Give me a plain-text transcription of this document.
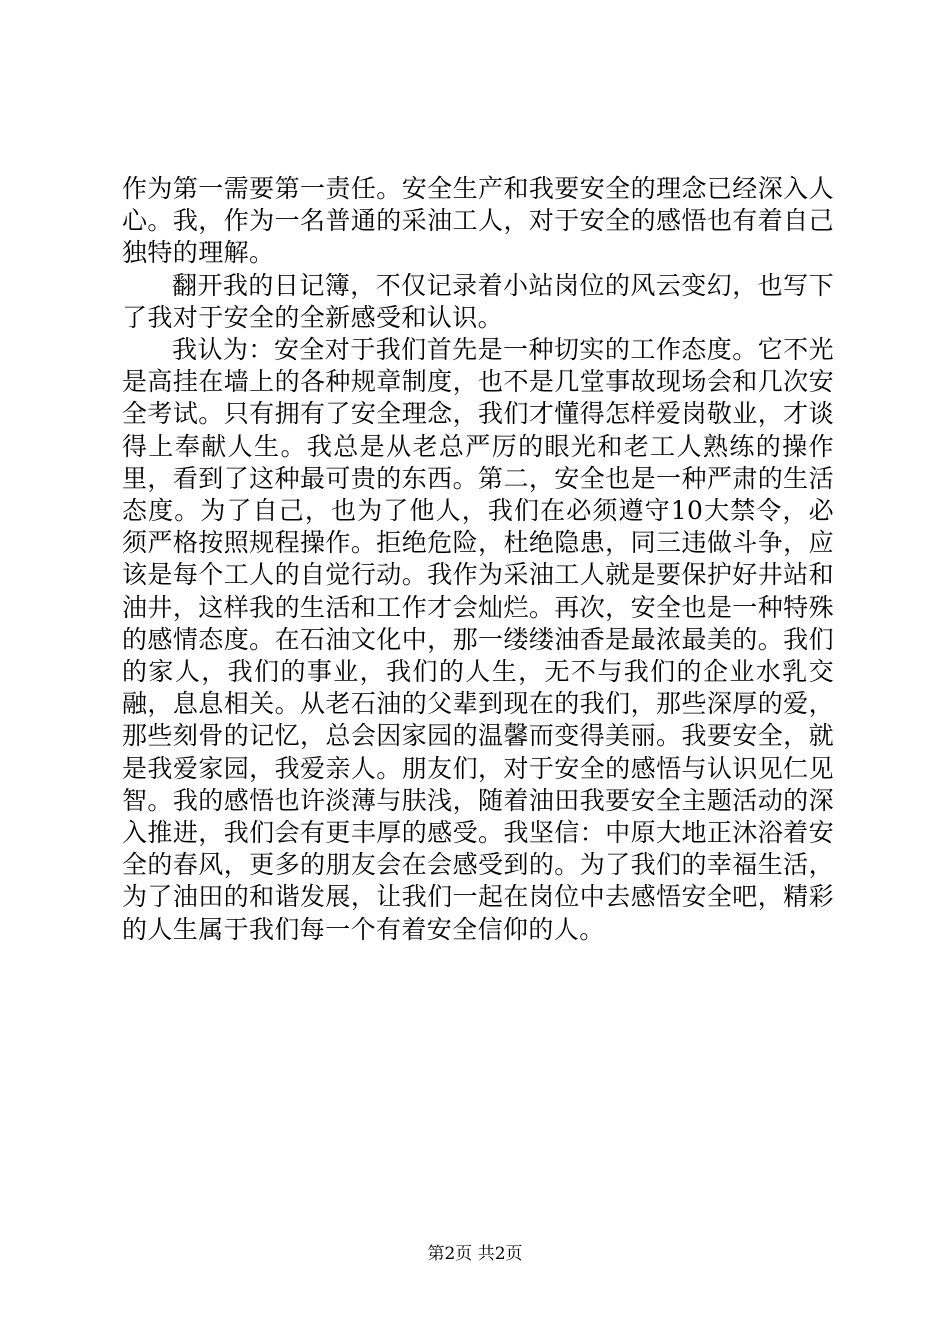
作为第一需要第一责任。安全生产和我要安全的理念已经深入人心。我，作为一名普通的采油工人，对于安全的感悟也有着自己独特的理解。

翻开我的日记簿，不仅记录着小站岗位的风云变幻，也写下了我对于安全的全新感受和认识。

我认为：安全对于我们首先是一种切实的工作态度。它不光是高挂在墙上的各种规章制度，也不是几堂事故现场会和几次安全考试。只有拥有了安全理念，我们才懂得怎样爱岗敬业，才谈得上奉献人生。我总是从老总严厉的眼光和老工人熟练的操作里，看到了这种最可贵的东西。第二，安全也是一种严肃的生活态度。为了自己，也为了他人，我们在必须遵守10大禁令，必须严格按照规程操作。拒绝危险，杜绝隐患，同三违做斗争，应该是每个工人的自觉行动。我作为采油工人就是要保护好井站和油井，这样我的生活和工作才会灿烂。再次，安全也是一种特殊的感情态度。在石油文化中，那一缕缕油香是最浓最美的。我们的家人，我们的事业，我们的人生，无不与我们的企业水乳交融，息息相关。从老石油的父辈到现在的我们，那些深厚的爱，那些刻骨的记忆，总会因家园的温馨而变得美丽。我要安全，就是我爱家园，我爱亲人。朋友们，对于安全的感悟与认识见仁见智。我的感悟也许淡薄与肤浅，随着油田我要安全主题活动的深入推进，我们会有更丰厚的感受。我坚信：中原大地正沐浴着安全的春风，更多的朋友会在会感受到的。为了我们的幸福生活，为了油田的和谐发展，让我们一起在岗位中去感悟安全吧，精彩的人生属于我们每一个有着安全信仰的人。

第2页 共2页
